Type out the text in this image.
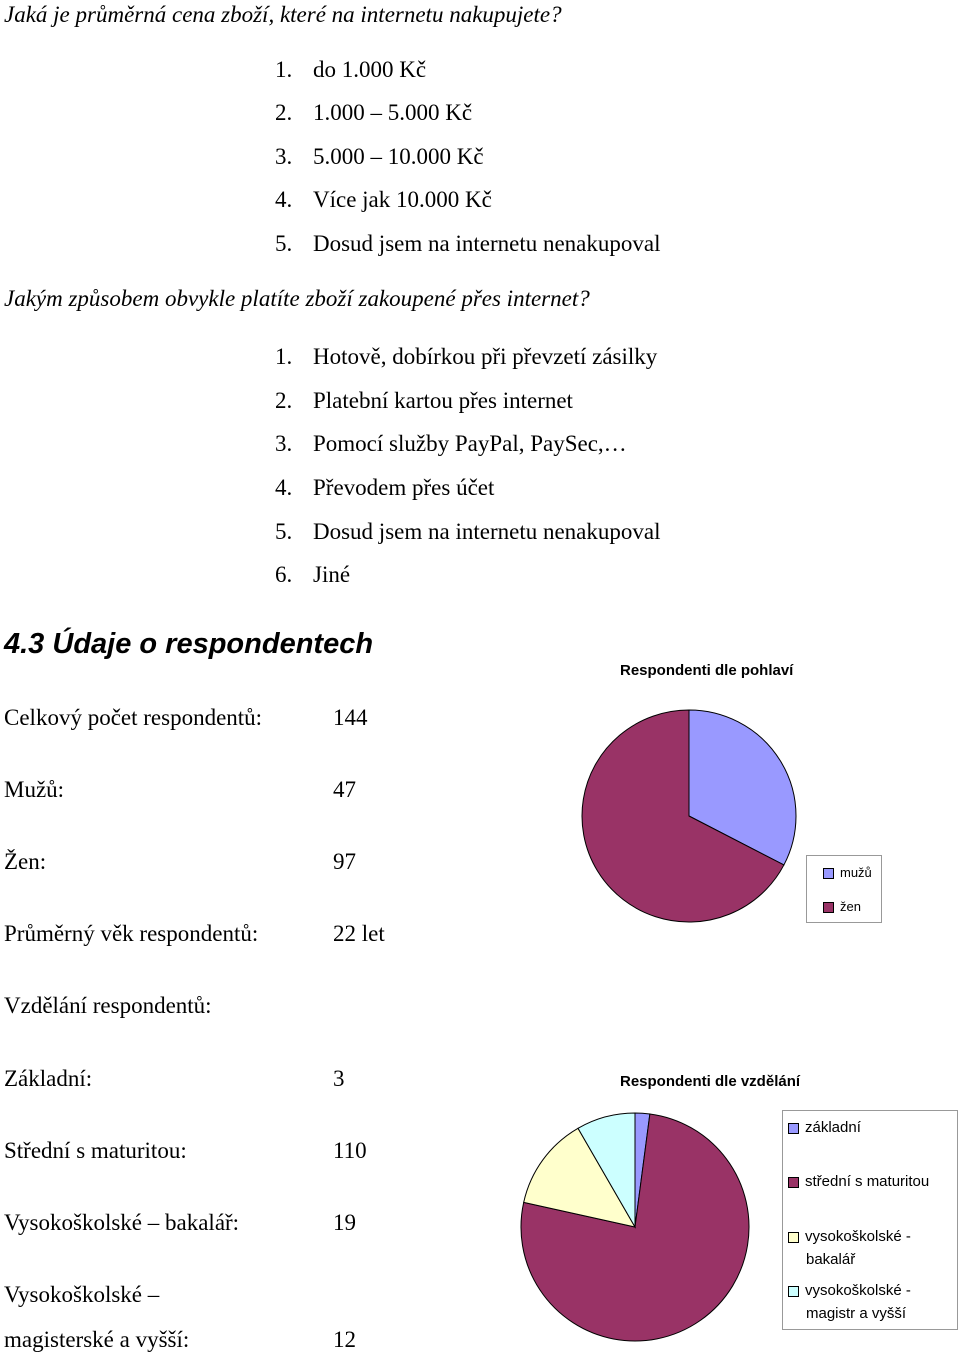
Jaká je průměrná cena zboží, které na internetu nakupujete?
1. do 1.000 Kč
2. 1.000 – 5.000 Kč
3. 5.000 – 10.000 Kč
4. Více jak 10.000 Kč
5. Dosud jsem na internetu nenakupoval
Jakým způsobem obvykle platíte zboží zakoupené přes internet?
1. Hotově, dobírkou při převzetí zásilky
2. Platební kartou přes internet
3. Pomocí služby PayPal, PaySec,…
4. Převodem přes účet
5. Dosud jsem na internetu nenakupoval
6. Jiné
4.3 Údaje o respondentech
Celkový počet respondentů:	144
Mužů:	47
Žen:	97
Průměrný věk respondentů:	22 let
Vzdělání respondentů:
Základní:	3
Střední s maturitou:	110
Vysokoškolské – bakalář:	19
Vysokoškolské –
magisterské a vyšší:	12
Respondenti dle pohlaví
mužů
žen
Respondenti dle vzdělání
základní
střední s maturitou
vysokoškolské - bakalář
vysokoškolské - magistr a vyšší
